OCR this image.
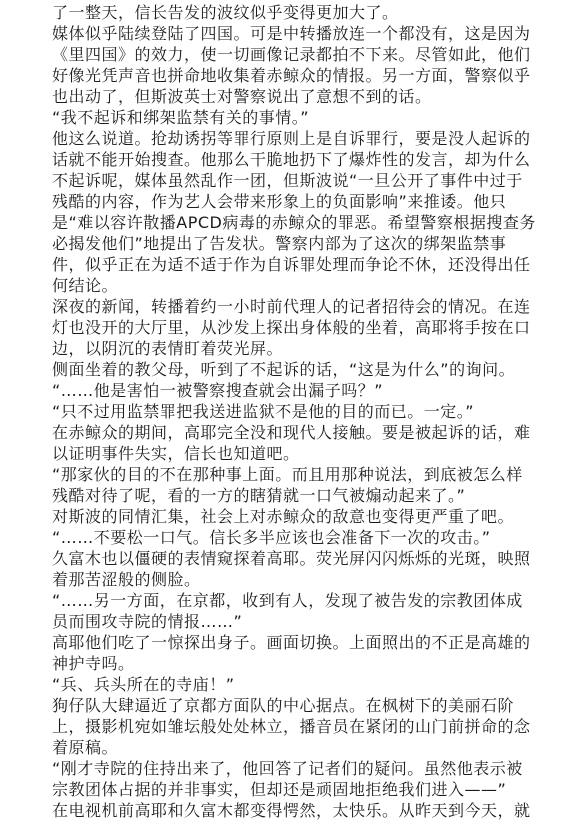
了一整天，信长告发的波纹似乎变得更加大了。
媒体似乎陆续登陆了四国。可是中转播放连一个都没有，这是因为
《里四国》的效力，使一切画像记录都拍不下来。尽管如此，他们
好像光凭声音也拼命地收集着赤鲸众的情报。另一方面，警察似乎
也出动了，但斯波英士对警察说出了意想不到的话。
“我不起诉和绑架监禁有关的事情。”
他这么说道。抢劫诱拐等罪行原则上是自诉罪行，要是没人起诉的
话就不能开始搜查。他那么干脆地扔下了爆炸性的发言，却为什么
不起诉呢，媒体虽然乱作一团，但斯波说“一旦公开了事件中过于
残酷的内容，作为艺人会带来形象上的负面影响”来推诿。他只
是“难以容许散播APCD病毒的赤鲸众的罪恶。希望警察根据搜查务
必揭发他们”地提出了告发状。警察内部为了这次的绑架监禁事
件，似乎正在为适不适于作为自诉罪处理而争论不休，还没得出任
何结论。
深夜的新闻，转播着约一小时前代理人的记者招待会的情况。在连
灯也没开的大厅里，从沙发上探出身体般的坐着，高耶将手按在口
边，以阴沉的表情盯着荧光屏。
侧面坐着的教父母，听到了不起诉的话，“这是为什么”的询问。
“……他是害怕一被警察搜查就会出漏子吗？”
“只不过用监禁罪把我送进监狱不是他的目的而已。一定。”
在赤鲸众的期间，高耶完全没和现代人接触。要是被起诉的话，难
以证明事件失实，信长也知道吧。
“那家伙的目的不在那种事上面。而且用那种说法，到底被怎么样
残酷对待了呢，看的一方的瞎猜就一口气被煽动起来了。”
对斯波的同情汇集，社会上对赤鲸众的敌意也变得更严重了吧。
“……不要松一口气。信长多半应该也会准备下一次的攻击。”
久富木也以僵硬的表情窥探着高耶。荧光屏闪闪烁烁的光斑，映照
着那苦涩般的侧脸。
“……另一方面，在京都，收到有人，发现了被告发的宗教团体成
员而围攻寺院的情报……”
高耶他们吃了一惊探出身子。画面切换。上面照出的不正是高雄的
神护寺吗。
“兵、兵头所在的寺庙！”
狗仔队大肆逼近了京都方面队的中心据点。在枫树下的美丽石阶
上，摄影机宛如雏坛般处处林立，播音员在紧闭的山门前拼命的念
着原稿。
“刚才寺院的住持出来了，他回答了记者们的疑问。虽然他表示被
宗教团体占据的并非事实，但却还是顽固地拒绝我们进入——”
在电视机前高耶和久富木都变得愕然，太快乐。从昨天到今天，就
